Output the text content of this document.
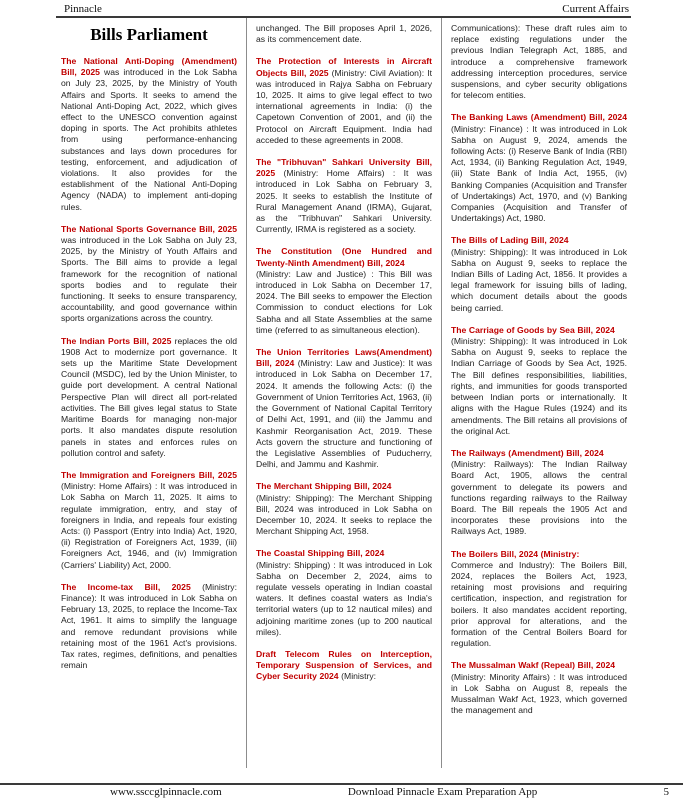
Pinnacle	Current Affairs
Bills Parliament

The National Anti-Doping (Amendment) Bill, 2025 was introduced in the Lok Sabha on July 23, 2025, by the Ministry of Youth Affairs and Sports. It seeks to amend the National Anti-Doping Act, 2022, which gives effect to the UNESCO convention against doping in sports. The Act prohibits athletes from using performance-enhancing substances and lays down procedures for testing, enforcement, and adjudication of violations. It also provides for the establishment of the National Anti-Doping Agency (NADA) to implement anti-doping rules.

The National Sports Governance Bill, 2025 was introduced in the Lok Sabha on July 23, 2025, by the Ministry of Youth Affairs and Sports. The Bill aims to provide a legal framework for the recognition of national sports bodies and to regulate their functioning. It seeks to ensure transparency, accountability, and good governance within sports organizations across the country.

The Indian Ports Bill, 2025 replaces the old 1908 Act to modernize port governance. It sets up the Maritime State Development Council (MSDC), led by the Union Minister, to guide port development. A central National Perspective Plan will direct all port-related activities. The Bill gives legal status to State Maritime Boards for managing non-major ports. It also mandates dispute resolution panels in states and enforces rules on pollution control and safety.

The Immigration and Foreigners Bill, 2025 (Ministry: Home Affairs) : It was introduced in Lok Sabha on March 11, 2025. It aims to regulate immigration, entry, and stay of foreigners in India, and repeals four existing Acts: (i) Passport (Entry into India) Act, 1920, (ii) Registration of Foreigners Act, 1939, (iii) Foreigners Act, 1946, and (iv) Immigration (Carriers' Liability) Act, 2000.

The Income-tax Bill, 2025 (Ministry: Finance): It was introduced in Lok Sabha on February 13, 2025, to replace the Income-Tax Act, 1961. It aims to simplify the language and remove redundant provisions while retaining most of the 1961 Act's provisions. Tax rates, regimes, definitions, and penalties remain

unchanged. The Bill proposes April 1, 2026, as its commencement date.

The Protection of Interests in Aircraft Objects Bill, 2025 (Ministry: Civil Aviation): It was introduced in Rajya Sabha on February 10, 2025. It aims to give legal effect to two international agreements in India: (i) the Capetown Convention of 2001, and (ii) the Protocol on Aircraft Equipment. India had acceded to these agreements in 2008.

The "Tribhuvan" Sahkari University Bill, 2025 (Ministry: Home Affairs) : It was introduced in Lok Sabha on February 3, 2025. It seeks to establish the Institute of Rural Management Anand (IRMA), Gujarat, as the "Tribhuvan" Sahkari University. Currently, IRMA is registered as a society.

The Constitution (One Hundred and Twenty-Ninth Amendment) Bill, 2024
(Ministry: Law and Justice) : This Bill was introduced in Lok Sabha on December 17, 2024. The Bill seeks to empower the Election Commission to conduct elections for Lok Sabha and all State Assemblies at the same time (referred to as simultaneous election).

The Union Territories Laws(Amendment) Bill, 2024 (Ministry: Law and Justice): It was introduced in Lok Sabha on December 17, 2024. It amends the following Acts: (i) the Government of Union Territories Act, 1963, (ii) the Government of National Capital Territory of Delhi Act, 1991, and (iii) the Jammu and Kashmir Reorganisation Act, 2019. These Acts govern the structure and functioning of the Legislative Assemblies of Puducherry, Delhi, and Jammu and Kashmir.

The Merchant Shipping Bill, 2024
(Ministry: Shipping): The Merchant Shipping Bill, 2024 was introduced in Lok Sabha on December 10, 2024. It seeks to replace the Merchant Shipping Act, 1958.

The Coastal Shipping Bill, 2024
(Ministry: Shipping) : It was introduced in Lok Sabha on December 2, 2024, aims to regulate vessels operating in Indian coastal waters. It defines coastal waters as India's territorial waters (up to 12 nautical miles) and adjoining maritime zones (up to 200 nautical miles).

Draft Telecom Rules on Interception, Temporary Suspension of Services, and Cyber Security 2024 (Ministry:

Communications): These draft rules aim to replace existing regulations under the previous Indian Telegraph Act, 1885, and introduce a comprehensive framework addressing interception procedures, service suspensions, and cyber security obligations for telecom entities.

The Banking Laws (Amendment) Bill, 2024 (Ministry: Finance) : It was introduced in Lok Sabha on August 9, 2024, amends the following Acts: (i) Reserve Bank of India (RBI) Act, 1934, (ii) Banking Regulation Act, 1949, (iii) State Bank of India Act, 1955, (iv) Banking Companies (Acquisition and Transfer of Undertakings) Act, 1970, and (v) Banking Companies (Acquisition and Transfer of Undertakings) Act, 1980.

The Bills of Lading Bill, 2024
(Ministry: Shipping): It was introduced in Lok Sabha on August 9, seeks to replace the Indian Bills of Lading Act, 1856. It provides a legal framework for issuing bills of lading, which document details about the goods being carried.

The Carriage of Goods by Sea Bill, 2024
(Ministry: Shipping): It was introduced in Lok Sabha on August 9, seeks to replace the Indian Carriage of Goods by Sea Act, 1925. The Bill defines responsibilities, liabilities, rights, and immunities for goods transported between Indian ports or internationally. It aligns with the Hague Rules (1924) and its amendments. The Bill retains all provisions of the original Act.

The Railways (Amendment) Bill, 2024
(Ministry: Railways): The Indian Railway Board Act, 1905, allows the central government to delegate its powers and functions regarding railways to the Railway Board. The Bill repeals the 1905 Act and incorporates these provisions into the Railways Act, 1989.

The Boilers Bill, 2024 (Ministry:
Commerce and Industry): The Boilers Bill, 2024, replaces the Boilers Act, 1923, retaining most provisions and requiring certification, inspection, and registration for boilers. It also mandates accident reporting, prior approval for alterations, and the formation of the Central Boilers Board for regulation.

The Mussalman Wakf (Repeal) Bill, 2024
(Ministry: Minority Affairs) : It was introduced in Lok Sabha on August 8, repeals the Mussalman Wakf Act, 1923, which governed the management and

www.ssccglpinnacle.com	Download Pinnacle Exam Preparation App	5
